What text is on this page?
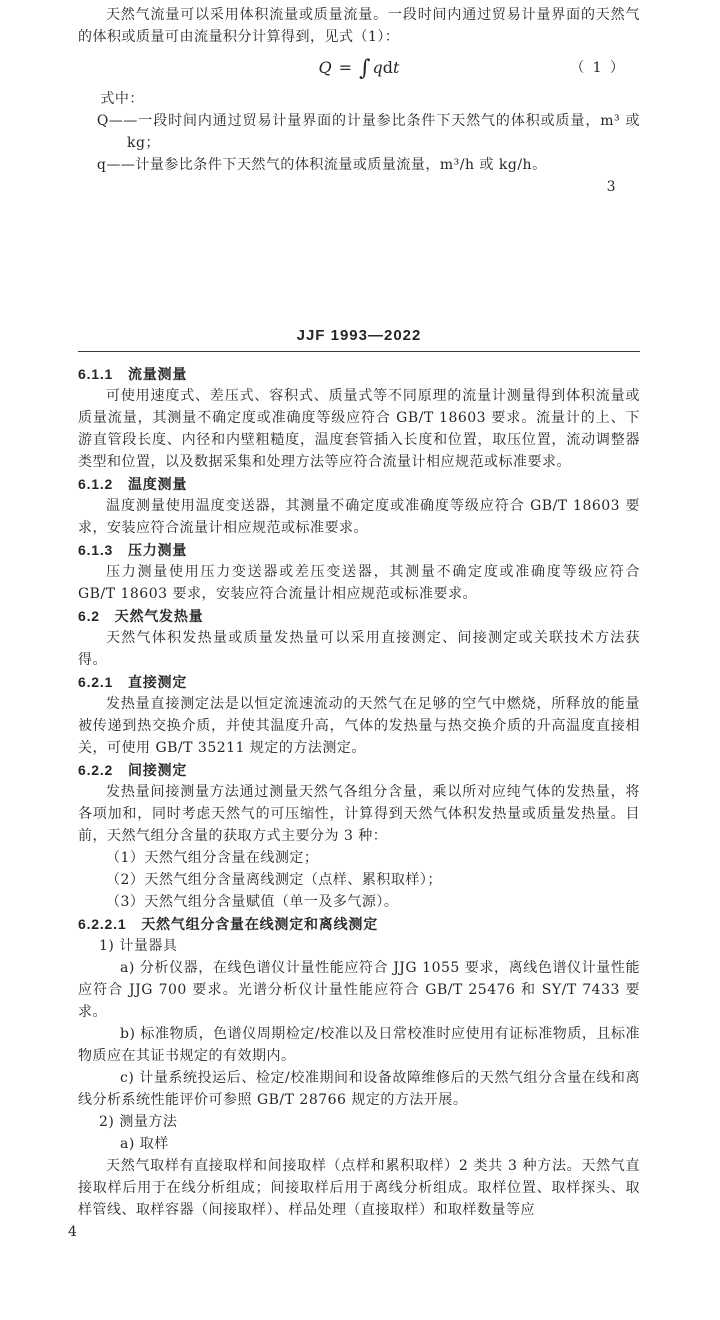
天然气流量可以采用体积流量或质量流量。一段时间内通过贸易计量界面的天然气的体积或质量可由流量积分计算得到，见式（1）：
Q = ∫ qdt	（ 1 ）
式中：
Q——一段时间内通过贸易计量界面的计量参比条件下天然气的体积或质量，m³ 或 kg；
q——计量参比条件下天然气的体积流量或质量流量，m³/h 或 kg/h。
3
JJF 1993—2022
6.1.1　流量测量
可使用速度式、差压式、容积式、质量式等不同原理的流量计测量得到体积流量或质量流量，其测量不确定度或准确度等级应符合 GB/T 18603 要求。流量计的上、下游直管段长度、内径和内壁粗糙度，温度套管插入长度和位置，取压位置，流动调整器类型和位置，以及数据采集和处理方法等应符合流量计相应规范或标准要求。
6.1.2　温度测量
温度测量使用温度变送器，其测量不确定度或准确度等级应符合 GB/T 18603 要求，安装应符合流量计相应规范或标准要求。
6.1.3　压力测量
压力测量使用压力变送器或差压变送器，其测量不确定度或准确度等级应符合 GB/T 18603 要求，安装应符合流量计相应规范或标准要求。
6.2　天然气发热量
天然气体积发热量或质量发热量可以采用直接测定、间接测定或关联技术方法获得。
6.2.1　直接测定
发热量直接测定法是以恒定流速流动的天然气在足够的空气中燃烧，所释放的能量被传递到热交换介质，并使其温度升高，气体的发热量与热交换介质的升高温度直接相关，可使用 GB/T 35211 规定的方法测定。
6.2.2　间接测定
发热量间接测量方法通过测量天然气各组分含量，乘以所对应纯气体的发热量，将各项加和，同时考虑天然气的可压缩性，计算得到天然气体积发热量或质量发热量。目前，天然气组分含量的获取方式主要分为 3 种：
（1）天然气组分含量在线测定；
（2）天然气组分含量离线测定（点样、累积取样）；
（3）天然气组分含量赋值（单一及多气源）。
6.2.2.1　天然气组分含量在线测定和离线测定
1) 计量器具
a) 分析仪器，在线色谱仪计量性能应符合 JJG 1055 要求，离线色谱仪计量性能应符合 JJG 700 要求。光谱分析仪计量性能应符合 GB/T 25476 和 SY/T 7433 要求。
b) 标准物质，色谱仪周期检定/校准以及日常校准时应使用有证标准物质，且标准物质应在其证书规定的有效期内。
c) 计量系统投运后、检定/校准期间和设备故障维修后的天然气组分含量在线和离线分析系统性能评价可参照 GB/T 28766 规定的方法开展。
2) 测量方法
a) 取样
天然气取样有直接取样和间接取样（点样和累积取样）2 类共 3 种方法。天然气直接取样后用于在线分析组成；间接取样后用于离线分析组成。取样位置、取样探头、取样管线、取样容器（间接取样）、样品处理（直接取样）和取样数量等应
4
